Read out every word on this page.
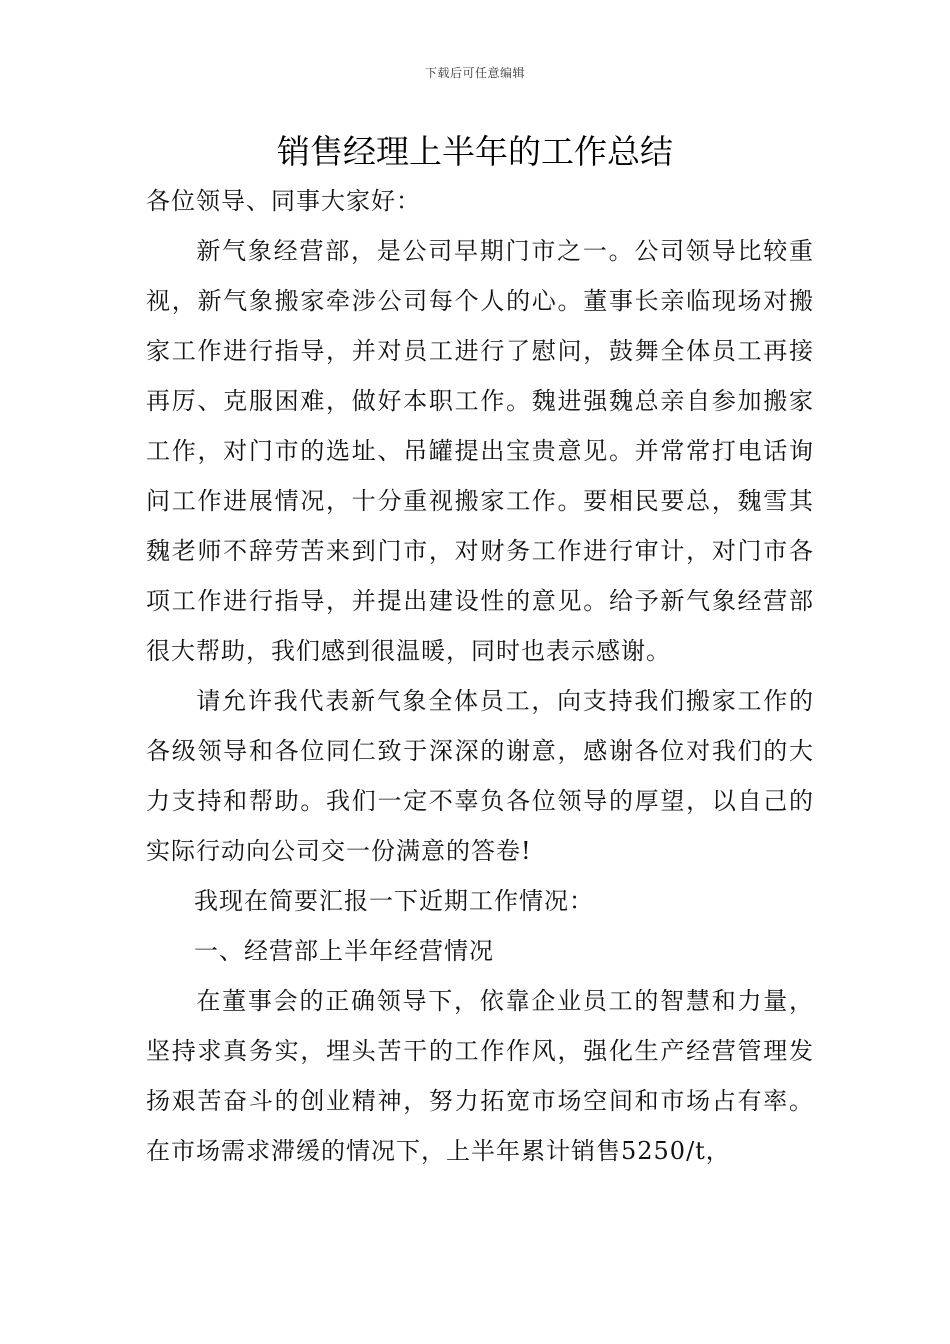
下载后可任意编辑
销售经理上半年的工作总结

各位领导、同事大家好：

新气象经营部，是公司早期门市之一。公司领导比较重视，新气象搬家牵涉公司每个人的心。董事长亲临现场对搬家工作进行指导，并对员工进行了慰问，鼓舞全体员工再接再厉、克服困难，做好本职工作。魏进强魏总亲自参加搬家工作，对门市的选址、吊罐提出宝贵意见。并常常打电话询问工作进展情况，十分重视搬家工作。要相民要总，魏雪其魏老师不辞劳苦来到门市，对财务工作进行审计，对门市各项工作进行指导，并提出建设性的意见。给予新气象经营部很大帮助，我们感到很温暖，同时也表示感谢。

请允许我代表新气象全体员工，向支持我们搬家工作的各级领导和各位同仁致于深深的谢意，感谢各位对我们的大力支持和帮助。我们一定不辜负各位领导的厚望，以自己的实际行动向公司交一份满意的答卷!

我现在简要汇报一下近期工作情况：

一、经营部上半年经营情况

在董事会的正确领导下，依靠企业员工的智慧和力量，坚持求真务实，埋头苦干的工作作风，强化生产经营管理发扬艰苦奋斗的创业精神，努力拓宽市场空间和市场占有率。在市场需求滞缓的情况下，上半年累计销售5250/t，
